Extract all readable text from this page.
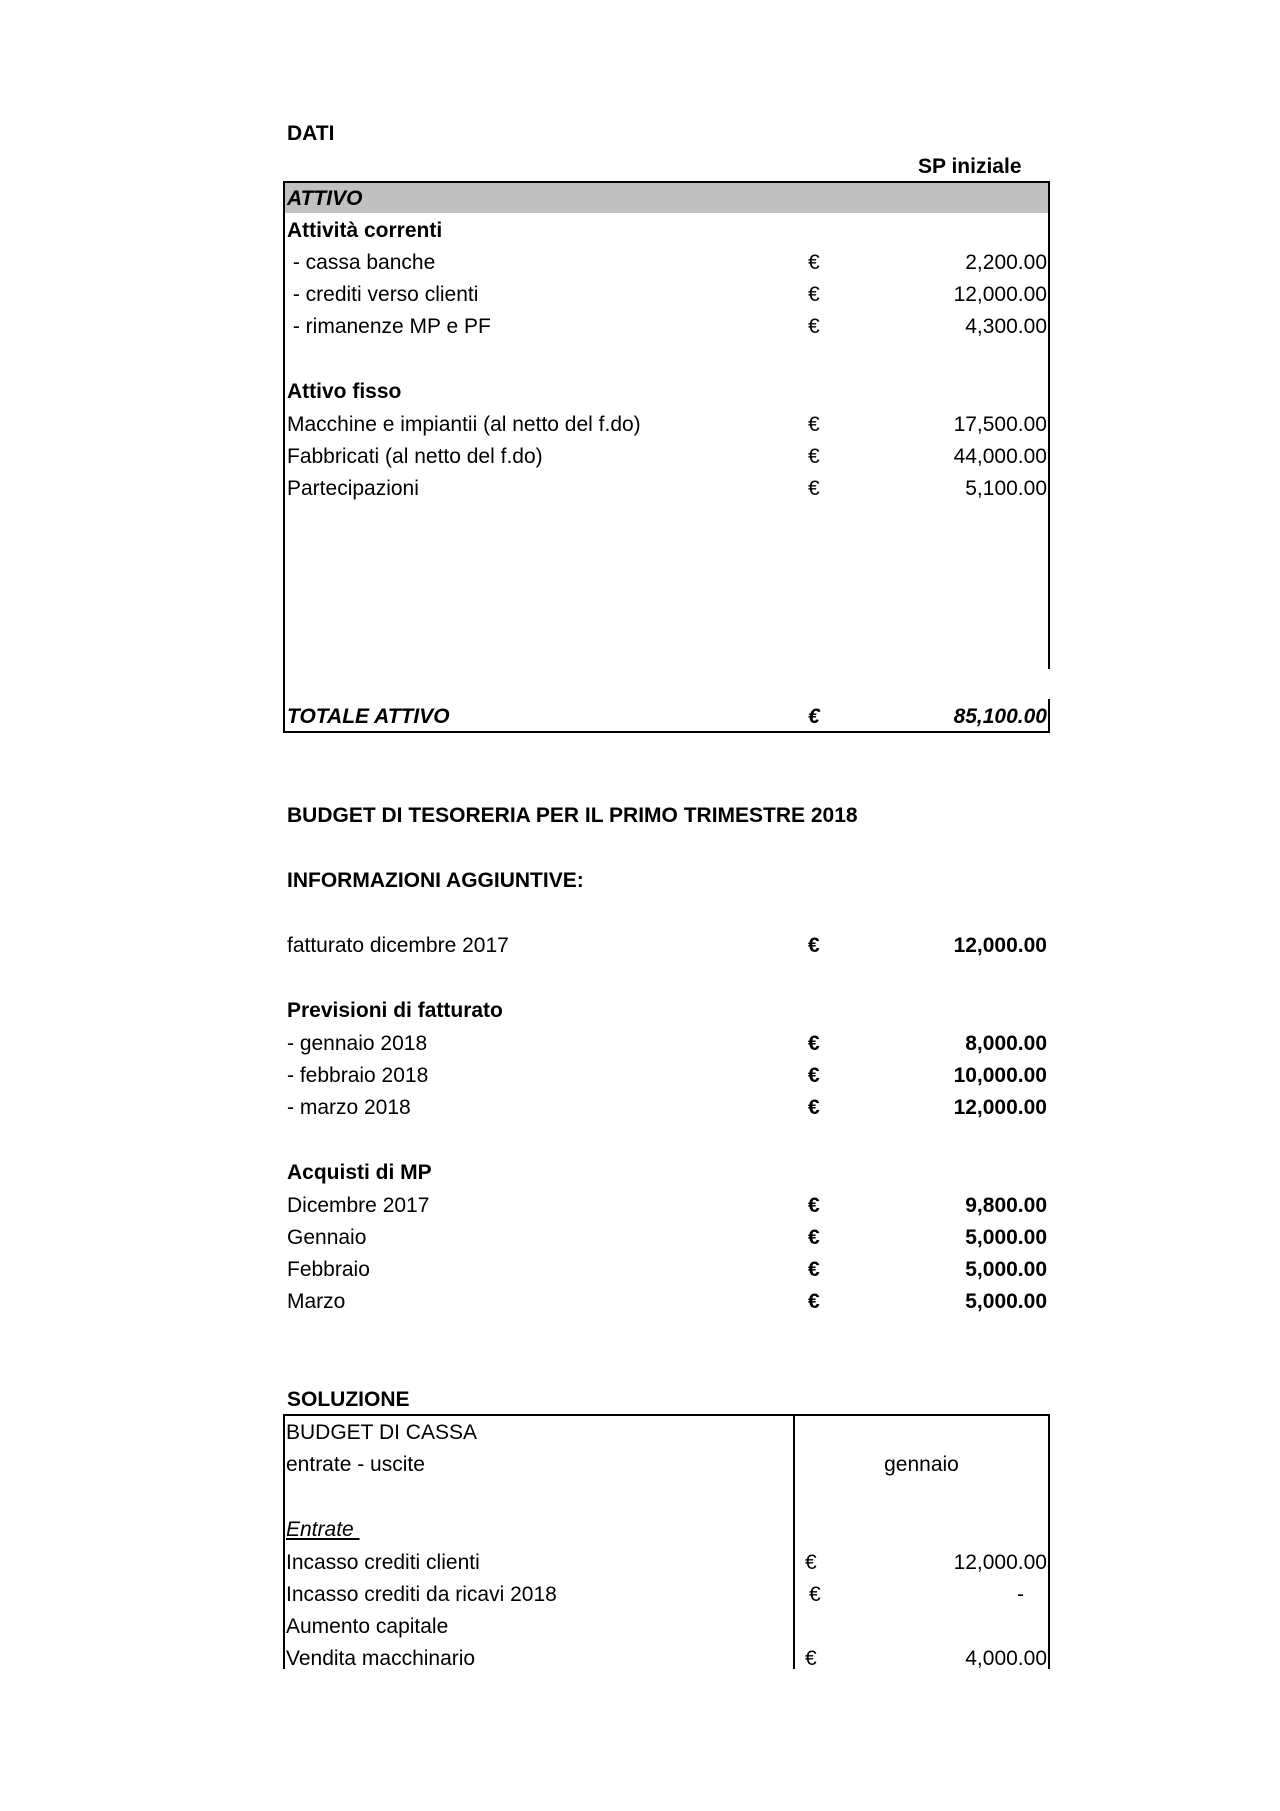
DATI
SP iniziale
ATTIVO
Attività correnti
- cassa banche	€	2,200.00
- crediti verso clienti	€	12,000.00
- rimanenze MP e PF	€	4,300.00
Attivo fisso
Macchine e impiantii (al netto del f.do)	€	17,500.00
Fabbricati (al netto del f.do)	€	44,000.00
Partecipazioni	€	5,100.00
TOTALE ATTIVO	€	85,100.00
BUDGET DI TESORERIA PER IL PRIMO TRIMESTRE 2018
INFORMAZIONI AGGIUNTIVE:
fatturato dicembre 2017	€	12,000.00
Previsioni di fatturato
- gennaio 2018	€	8,000.00
- febbraio 2018	€	10,000.00
- marzo 2018	€	12,000.00
Acquisti di MP
Dicembre 2017	€	9,800.00
Gennaio	€	5,000.00
Febbraio	€	5,000.00
Marzo	€	5,000.00
SOLUZIONE
BUDGET DI CASSA
entrate - uscite	gennaio
Entrate
Incasso crediti clienti	€	12,000.00
Incasso crediti da ricavi 2018	€	-
Aumento capitale
Vendita macchinario	€	4,000.00
